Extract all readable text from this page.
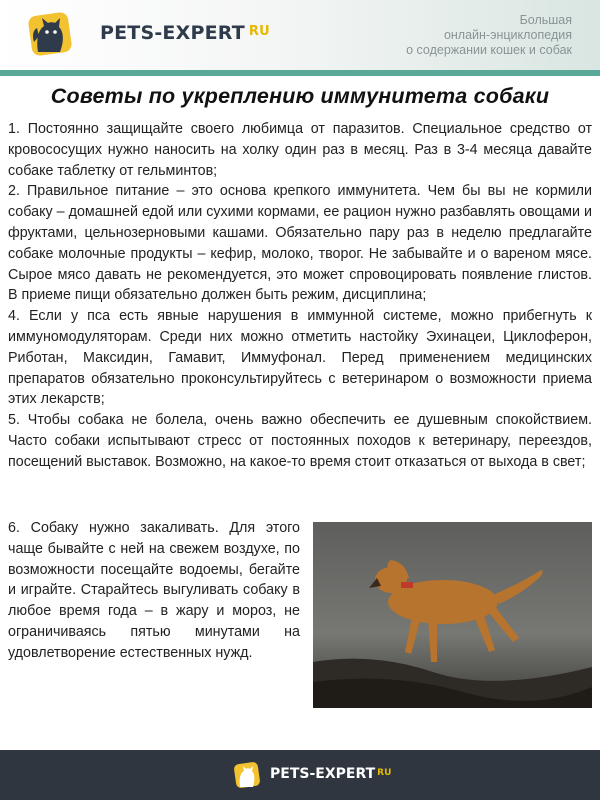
PETS-EXPERT $^{RU}$
Большая
онлайн-энциклопедия
о содержании кошек и собак
Советы по укреплению иммунитета собаки

1. Постоянно защищайте своего любимца от паразитов. Специальное средство от кровососущих нужно наносить на холку один раз в месяц. Раз в 3-4 месяца давайте собаке таблетку от гельминтов;

2. Правильное питание – это основа крепкого иммунитета. Чем бы вы не кормили собаку – домашней едой или сухими кормами, ее рацион нужно разбавлять овощами и фруктами, цельнозерновыми кашами. Обязательно пару раз в неделю предлагайте собаке молочные продукты – кефир, молоко, творог. Не забывайте и о вареном мясе. Сырое мясо давать не рекомендуется, это может спровоцировать появление глистов. В приеме пищи обязательно должен быть режим, дисциплина;

4. Если у пса есть явные нарушения в иммунной системе, можно прибегнуть к иммуномодуляторам. Среди них можно отметить настойку Эхинацеи, Циклоферон, Риботан, Максидин, Гамавит, Иммуфонал. Перед применением медицинских препаратов обязательно проконсультируйтесь с ветеринаром о возможности приема этих лекарств;

5. Чтобы собака не болела, очень важно обеспечить ее душевным спокойствием. Часто собаки испытывают стресс от постоянных походов к ветеринару, переездов, посещений выставок. Возможно, на какое-то время стоит отказаться от выхода в свет;

6. Собаку нужно закаливать. Для этого чаще бывайте с ней на свежем воздухе, по возможности посещайте водоемы, бегайте и играйте. Старайтесь выгуливать собаку в любое время года – в жару и мороз, не ограничиваясь пятью минутами на удовлетворение естественных нужд.
PETS-EXPERT $^{RU}$
